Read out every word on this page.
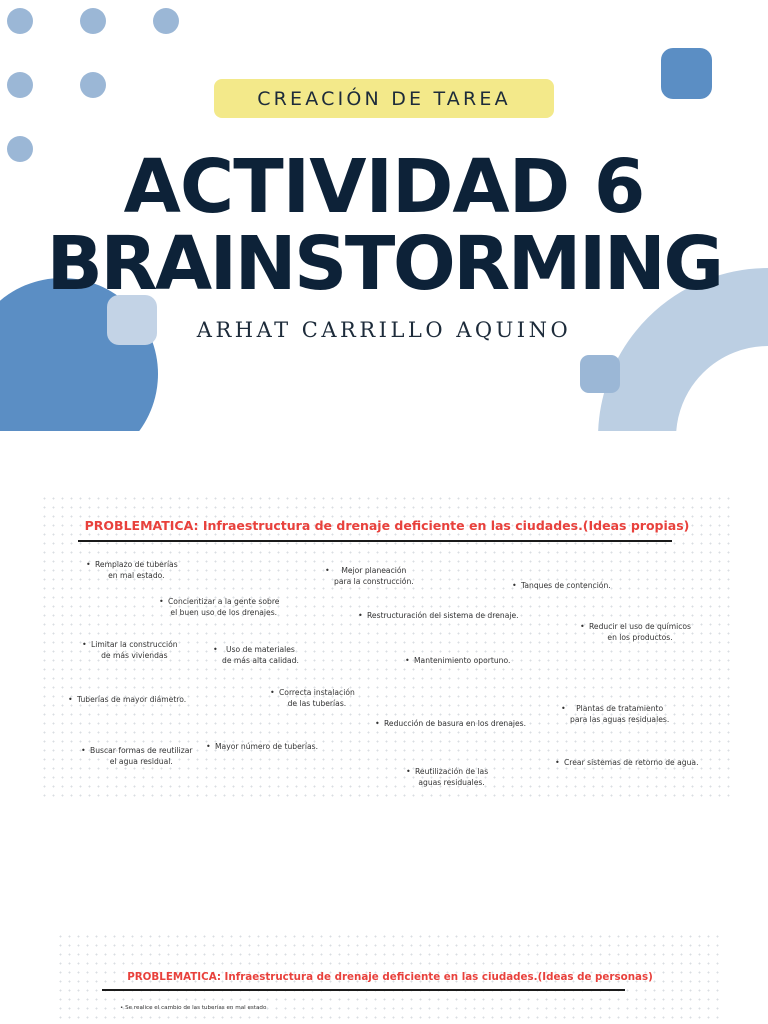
CREACIÓN DE TAREA
ACTIVIDAD 6
BRAINSTORMING
ARHAT CARRILLO AQUINO
PROBLEMATICA: Infraestructura de drenaje deficiente en las ciudades.(Ideas propias)
• Remplazo de tuberías
en mal estado.	• Mejor planeación
para la construcción.	• Tanques de contención.
• Concientizar a la gente sobre
el buen uso de los drenajes.	• Restructuración del sistema de drenaje.
• Reducir el uso de químicos
en los productos.
• Limitar la construcción
de más viviendas
• Uso de materiales
de más alta calidad.	• Mantenimiento oportuno.
• Tuberías de mayor diámetro.
• Correcta instalación
de las tuberías.
• Plantas de tratamiento
para las aguas residuales.
• Reducción de basura en los drenajes.
• Buscar formas de reutilizar
el agua residual.
• Mayor número de tuberías.
• Crear sistemas de retorno de agua.
• Reutilización de las
aguas residuales.
PROBLEMATICA: Infraestructura de drenaje deficiente en las ciudades.(Ideas de personas)
• Se realice el cambio de las tuberías en mal estado
